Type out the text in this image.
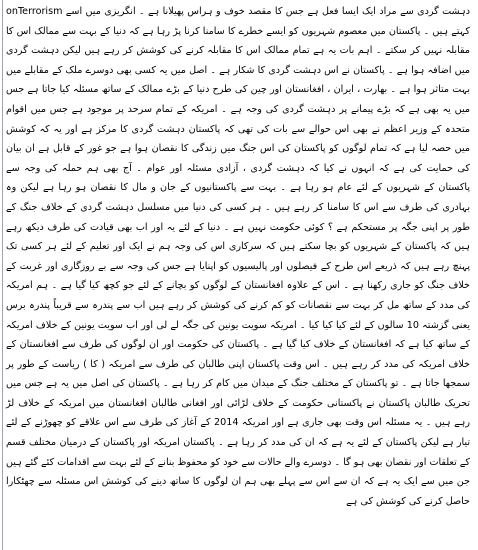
دہشت گردی سے مراد ایک ایسا فعل ہے جس کا مقصد خوف و ہراس پھیلانا ہے ۔ انگریزی میں اسے onTerrorism کہتے ہیں ۔ پاکستان میں معصوم شہریوں کو ایسے خطرے کا سامنا کرنا پڑ رہا ہے کہ دنیا کے بہت سے ممالک اس کا مقابلہ نہیں کر سکتے ۔ اہم بات یہ ہے تمام ممالک اس کا مقابلہ کرنے کی کوشش کر رہے ہیں لیکن دہشت گردی میں اضافہ ہوا ہے ۔ پاکستان نے اس دہشت گردی کا شکار ہے ۔ اصل میں یہ کسی بھی دوسرے ملک کے مقابلے میں بہت متاثر ہوا ہے ۔ بھارت ، ایران ، افغانستان اور چین کی طرح دنیا کے بڑے ممالک کے ساتھ مسئلہ کیا جاتا ہے جس میں یہ بھی ہے کہ بڑے پیمانے پر دہشت گردی کی وجہ ہے ۔ امریکہ کے تمام سرحد پر موجود ہے جس میں اقوام متحدہ کے وزیر اعظم نے بھی اس حوالے سے بات کی تھی کہ پاکستان دہشت گردی کا مرکز ہے اور یہ کہ کوشش میں حصہ لیا ہے کہ تمام لوگوں کو پاکستان کی اس جنگ میں زندگی کا نقصان ہوا ہے جو غور کے قابل ہے ان بیان کی حمایت کی ہے کہ انہوں نے کیا کہ دہشت گردی ، آزادی مسئلہ اور عوام ۔ آج بھی ہم حملہ کی وجہ سے پاکستان کے شہریوں کے لئے عام ہو رہا ہے ۔ بہت سے پاکستانیوں کے جان و مال کا نقصان ہو رہا ہے لیکن وہ بہادری کی طرف سے اس کا سامنا کر رہے ہیں ۔ ہر کسی کی دنیا میں مسلسل دہشت گردی کے خلاف جنگ کے طور پر اپنی جگہ پر مستحکم ہے ؟ کوئی حکومت نہیں ہے ۔ دنیا کے لئے یہ اور اب بھی قیادت کی طرف دیکھ رہے ہیں کہ پاکستان کے شہریوں کو بچا سکتے ہیں کہ سرکاری اس کی وجہ ہم نے ایک اور تعلیم کے لئے ہر کسی تک پہنچ رہے ہیں کہ ذریعے اس طرح کے فیصلوں اور پالیسیوں کو اپنایا ہے جس کی وجہ سے بے روزگاری اور غربت کے خلاف جنگ کو جاری رکھنا ہے ۔ اس کے علاوہ افغانستان کے لوگوں کو بچانے کے لئے جو کچھ کیا گیا ہے ۔ ہم امریکہ کی مدد کے ساتھ مل کر بہت سے نقصانات کو کم کرنے کی کوشش کر رہے ہیں اب سے پندرہ سے قریباً پندرہ برس یعنی گزشتہ 10 سالوں کے لئے کیا کیا کیا ۔ امریکہ سویت یونین کی جگہ لے لی اور اب سویت یونین کے خلاف امریکہ کے ساتھ کیا ہے کہ افغانستان کے خلاف کیا گیا ہے ۔ پاکستان کی حکومت اور ان لوگوں کی طرف سے افغانستان کے خلاف امریکہ کی مدد کر رہے ہیں ۔ اس وقت پاکستان اپنی طالبان کی طرف سے امریکہ ( کا ) ریاست کے طور پر سمجھا جاتا ہے ۔ تو پاکستان کے مختلف جنگ کے میدان میں کام کر رہا ہے ۔ پاکستان کی اصل میں یہ ہے جس میں تحریک طالبان پاکستان نے پاکستانی حکومت کے خلاف لڑائی اور افغانی طالبان افغانستان میں امریکہ کے خلاف لڑ رہے ہیں ۔ یہ مسئلہ اس وقت بھی جاری ہے اور امریکہ 2014 کے آغاز کی طرف سے اس علاقے کو چھوڑنے کے لئے تیار ہے لیکن پاکستان کے لئے یہ ہے کہ ان کی مدد کر رہا ہے ۔ پاکستان امریکہ اور پاکستان کے درمیان مختلف قسم کے تعلقات اور نقصان بھی ہو گا ۔ دوسرے والے حالات سے خود کو محفوظ بنانے کے لئے بہت سے اقدامات کئے گئے ہیں جن میں سے ایک یہ ہے کہ ان سے اس سے پہلے بھی ہم ان لوگوں کا ساتھ دینے کی کوشش اس مسئلہ سے چھٹکارا حاصل کرنے کی کوشش کی ہے
